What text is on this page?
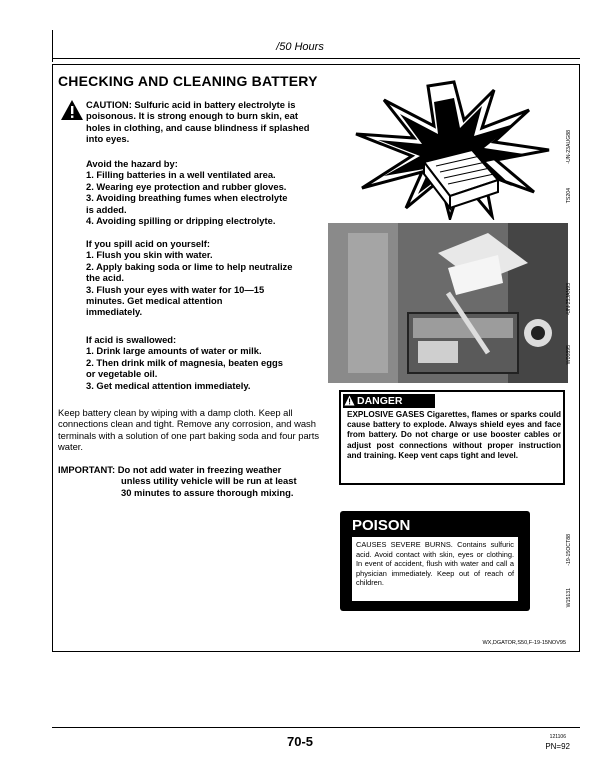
/50 Hours
CHECKING AND CLEANING BATTERY
CAUTION: Sulfuric acid in battery electrolyte is poisonous. It is strong enough to burn skin, eat holes in clothing, and cause blindness if splashed into eyes.
Avoid the hazard by:
1. Filling batteries in a well ventilated area.
2. Wearing eye protection and rubber gloves.
3. Avoiding breathing fumes when electrolyte
is added.
4. Avoiding spilling or dripping electrolyte.
If you spill acid on yourself:
1. Flush you skin with water.
2. Apply baking soda or lime to help neutralize
the acid.
3. Flush your eyes with water for 10—15
minutes. Get medical attention
immediately.
If acid is swallowed:
1. Drink large amounts of water or milk.
2. Then drink milk of magnesia, beaten eggs
or vegetable oil.
3. Get medical attention immediately.
Keep battery clean by wiping with a damp cloth. Keep all connections clean and tight. Remove any corrosion, and wash terminals with a solution of one part baking soda and four parts water.
IMPORTANT: Do not add water in freezing weather
unless utility vehicle will be run at least
30 minutes to assure thorough mixing.
-UN-23AUG88
TS204
-UN-25JAN93
W00895
DANGER
EXPLOSIVE GASES Cigarettes, flames or sparks could cause battery to explode. Always shield eyes and face from battery. Do not charge or use booster cables or adjust post connections without proper instruction and training. Keep vent caps tight and level.
POISON
CAUSES SEVERE BURNS. Contains sulfuric acid. Avoid contact with skin, eyes or clothing. In event of accident, flush with water and call a physician immediately. Keep out of reach of children.
-19-15OCT88
W15131
WX,DGATOR,S50,F-19-15NOV95
70-5	121106
PN=92
